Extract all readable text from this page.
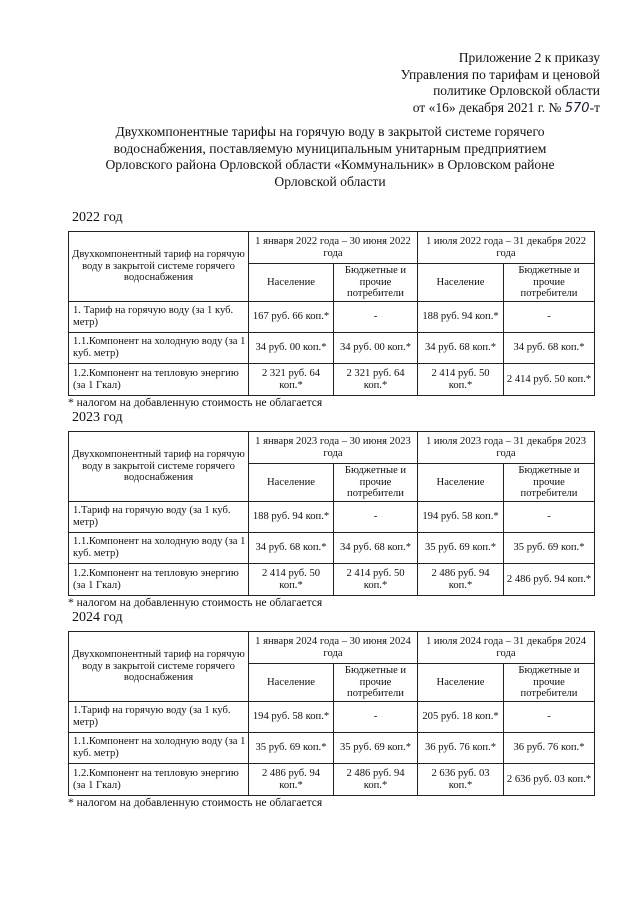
Приложение 2 к приказу
Управления по тарифам и ценовой
политике Орловской области
от «16» декабря 2021 г. № 570-т
Двухкомпонентные тарифы на горячую воду в закрытой системе горячего
водоснабжения, поставляемую муниципальным унитарным предприятием
Орловского района Орловской области «Коммунальник» в Орловском районе
Орловской области
2022 год
Двухкомпонентный тариф на горячую воду в закрытой системе горячего водоснабжения	1 января 2022 года – 30 июня 2022 года		1 июля 2022 года – 31 декабря 2022 года	
	Население	Бюджетные и прочие потребители	Население	Бюджетные и прочие потребители
1. Тариф на горячую воду (за 1 куб. метр)	167 руб. 66 коп.*	-	188 руб. 94 коп.*	-
1.1.Компонент на холодную воду (за 1 куб. метр)	34 руб. 00 коп.*	34 руб. 00 коп.*	34 руб. 68 коп.*	34 руб. 68 коп.*
1.2.Компонент на тепловую энергию (за 1 Гкал)	2 321 руб. 64 коп.*	2 321 руб. 64 коп.*	2 414 руб. 50 коп.*	2 414 руб. 50 коп.*
* налогом на добавленную стоимость не облагается
2023 год
Двухкомпонентный тариф на горячую воду в закрытой системе горячего водоснабжения	1 января 2023 года – 30 июня 2023 года		1 июля 2023 года – 31 декабря 2023 года	
	Население	Бюджетные и прочие потребители	Население	Бюджетные и прочие потребители
1.Тариф на горячую воду (за 1 куб. метр)	188 руб. 94 коп.*	-	194 руб. 58 коп.*	-
1.1.Компонент на холодную воду (за 1 куб. метр)	34 руб. 68 коп.*	34 руб. 68 коп.*	35 руб. 69 коп.*	35 руб. 69 коп.*
1.2.Компонент на тепловую энергию (за 1 Гкал)	2 414 руб. 50 коп.*	2 414 руб. 50 коп.*	2 486 руб. 94 коп.*	2 486 руб. 94 коп.*
* налогом на добавленную стоимость не облагается
2024 год
Двухкомпонентный тариф на горячую воду в закрытой системе горячего водоснабжения	1 января 2024 года – 30 июня 2024 года		1 июля 2024 года – 31 декабря 2024 года	
	Население	Бюджетные и прочие потребители	Население	Бюджетные и прочие потребители
1.Тариф на горячую воду (за 1 куб. метр)	194 руб. 58 коп.*	-	205 руб. 18 коп.*	-
1.1.Компонент на холодную воду (за 1 куб. метр)	35 руб. 69 коп.*	35 руб. 69 коп.*	36 руб. 76 коп.*	36 руб. 76 коп.*
1.2.Компонент на тепловую энергию (за 1 Гкал)	2 486 руб. 94 коп.*	2 486 руб. 94 коп.*	2 636 руб. 03 коп.*	2 636 руб. 03 коп.*
* налогом на добавленную стоимость не облагается
